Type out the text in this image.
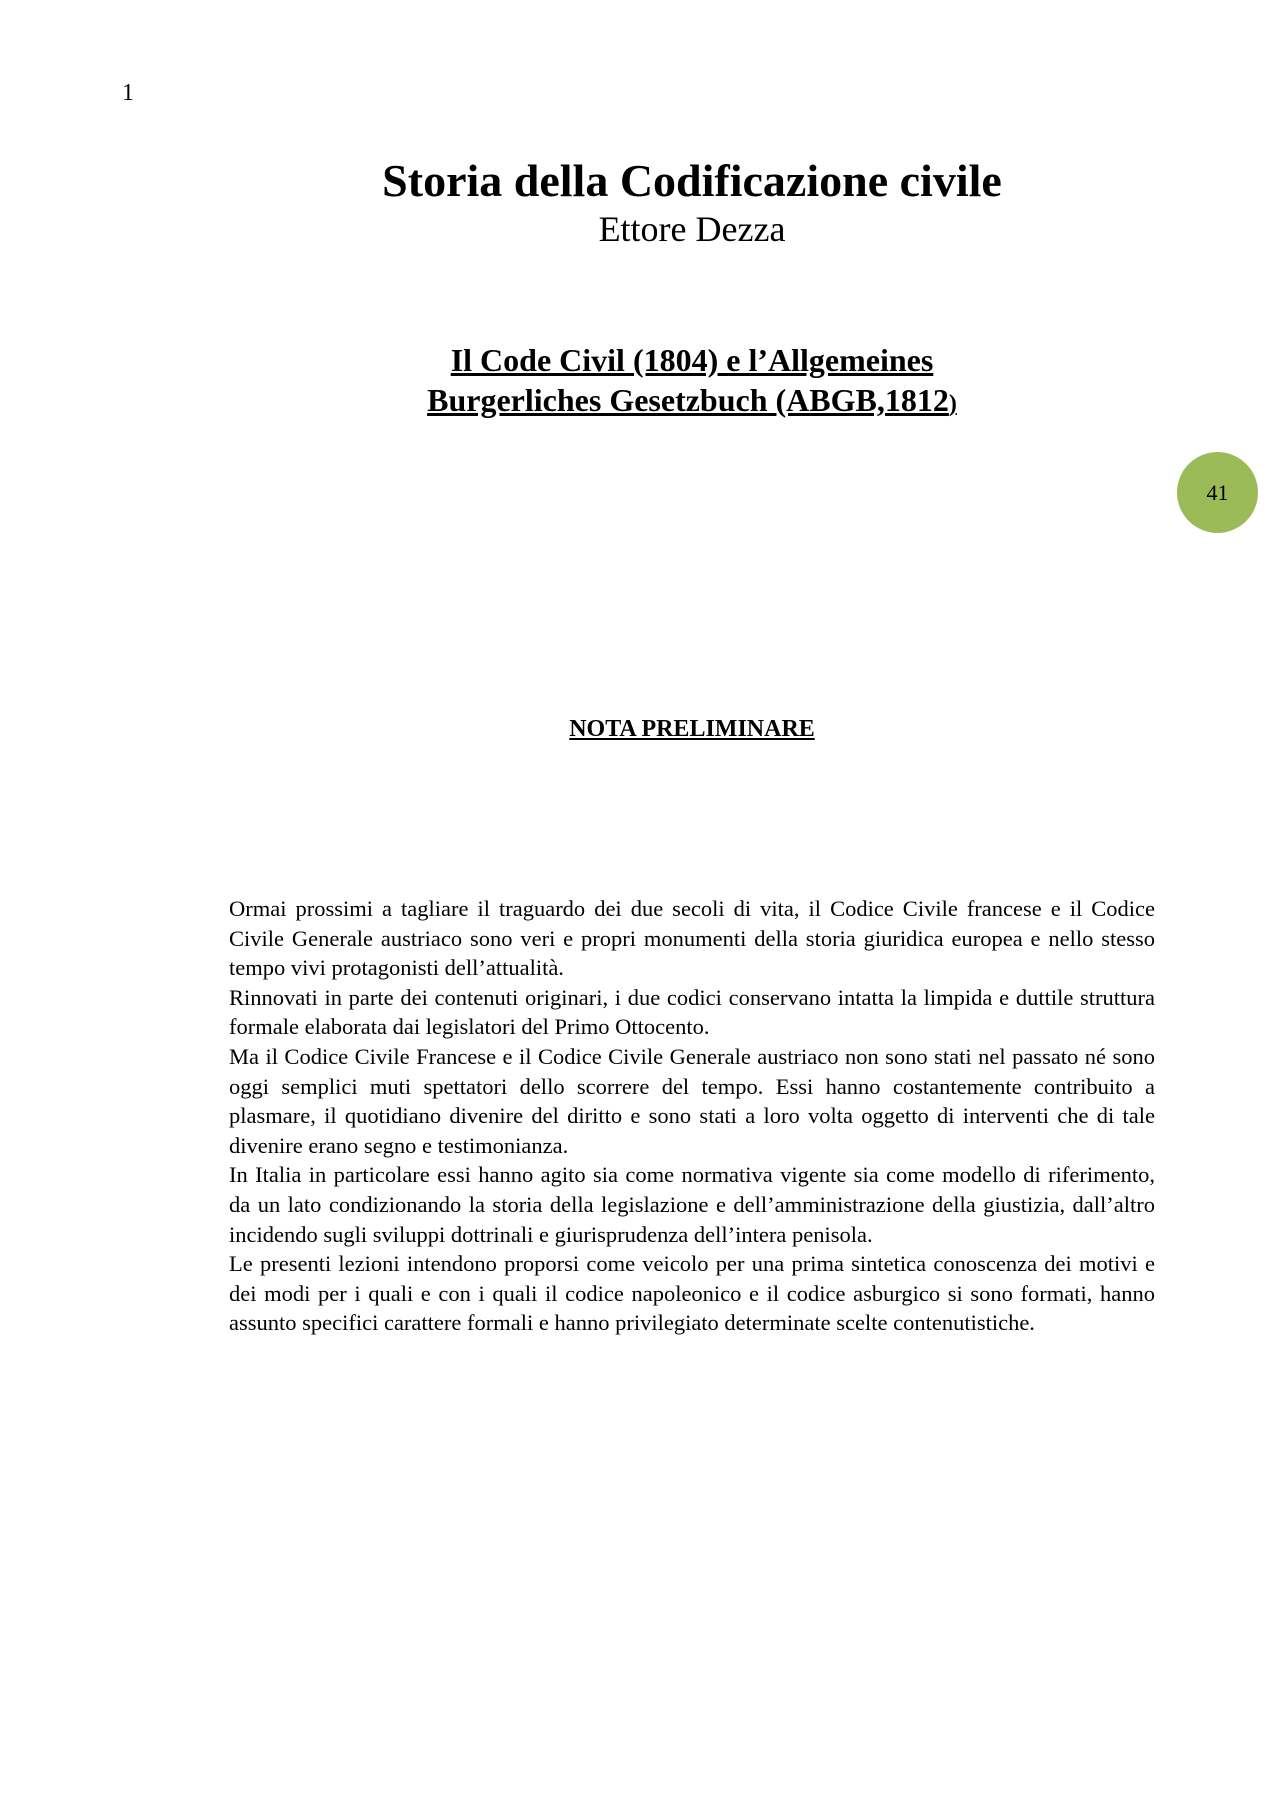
1
Storia della Codificazione civile
Ettore Dezza
Il Code Civil (1804) e l’Allgemeines
Burgerliches Gesetzbuch (ABGB,1812)
41
NOTA PRELIMINARE

Ormai prossimi a tagliare il traguardo dei due secoli di vita, il Codice Civile francese e il Codice Civile Generale austriaco sono veri e propri monumenti della storia giuridica europea e nello stesso tempo vivi protagonisti dell’attualità.

Rinnovati in parte dei contenuti originari, i due codici conservano intatta la limpida e duttile struttura formale elaborata dai legislatori del Primo Ottocento.

Ma il Codice Civile Francese e il Codice Civile Generale austriaco non sono stati nel passato né sono oggi semplici muti spettatori dello scorrere del tempo. Essi hanno costantemente contribuito a plasmare, il quotidiano divenire del diritto e sono stati a loro volta oggetto di interventi che di tale divenire erano segno e testimonianza.

In Italia in particolare essi hanno agito sia come normativa vigente sia come modello di riferimento, da un lato condizionando la storia della legislazione e dell’amministrazione della giustizia, dall’altro incidendo sugli sviluppi dottrinali e giurisprudenza dell’intera penisola.

Le presenti lezioni intendono proporsi come veicolo per una prima sintetica conoscenza dei motivi e dei modi per i quali e con i quali il codice napoleonico e il codice asburgico si sono formati, hanno assunto specifici carattere formali e hanno privilegiato determinate scelte contenutistiche.
